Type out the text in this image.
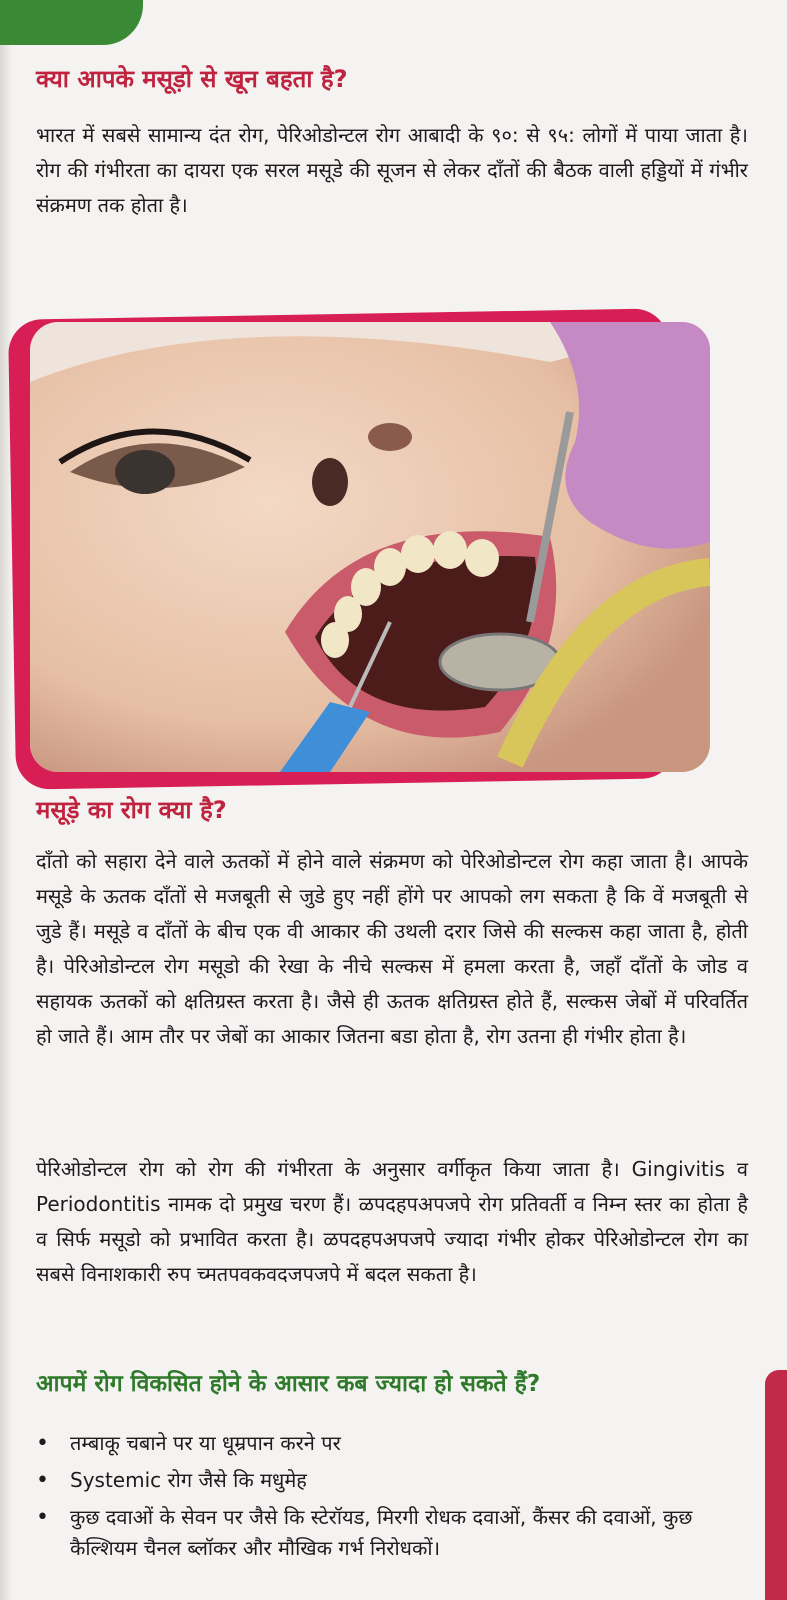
क्या आपके मसूड़ो से खून बहता है?

भारत में सबसे सामान्य दंत रोग, पेरिओडोन्टल रोग आबादी के ९०: से ९५: लोगों में पाया जाता है। रोग की गंभीरता का दायरा एक सरल मसूडे की सूजन से लेकर दाँतों की बैठक वाली हड्डियों में गंभीर संक्रमण तक होता है।

मसूड़े का रोग क्या है?

दाँतो को सहारा देने वाले ऊतकों में होने वाले संक्रमण को पेरिओडोन्टल रोग कहा जाता है। आपके मसूडे के ऊतक दाँतों से मजबूती से जुडे हुए नहीं होंगे पर आपको लग सकता है कि वें मजबूती से जुडे हैं। मसूडे व दाँतों के बीच एक वी आकार की उथली दरार जिसे की सल्कस कहा जाता है, होती है। पेरिओडोन्टल रोग मसूडो की रेखा के नीचे सल्कस में हमला करता है, जहाँ दाँतों के जोड व सहायक ऊतकों को क्षतिग्रस्त करता है। जैसे ही ऊतक क्षतिग्रस्त होते हैं, सल्कस जेबों में परिवर्तित हो जाते हैं। आम तौर पर जेबों का आकार जितना बडा होता है, रोग उतना ही गंभीर होता है।

पेरिओडोन्टल रोग को रोग की गंभीरता के अनुसार वर्गीकृत किया जाता है। Gingivitis व Periodontitis नामक दो प्रमुख चरण हैं। ळपदहपअपजपे रोग प्रतिवर्ती व निम्न स्तर का होता है व सिर्फ मसूडो को प्रभावित करता है। ळपदहपअपजपे ज्यादा गंभीर होकर पेरिओडोन्टल रोग का सबसे विनाशकारी रुप च्मतपवकवदजपजपे में बदल सकता है।

आपमें रोग विकसित होने के आसार कब ज्यादा हो सकते हैं?
• तम्बाकू चबाने पर या धूम्रपान करने पर
• Systemic रोग जैसे कि मधुमेह
• कुछ दवाओं के सेवन पर जैसे कि स्टेरॉयड, मिरगी रोधक दवाओं, कैंसर की दवाओं, कुछ कैल्शियम चैनल ब्लॉकर और मौखिक गर्भ निरोधकों।
